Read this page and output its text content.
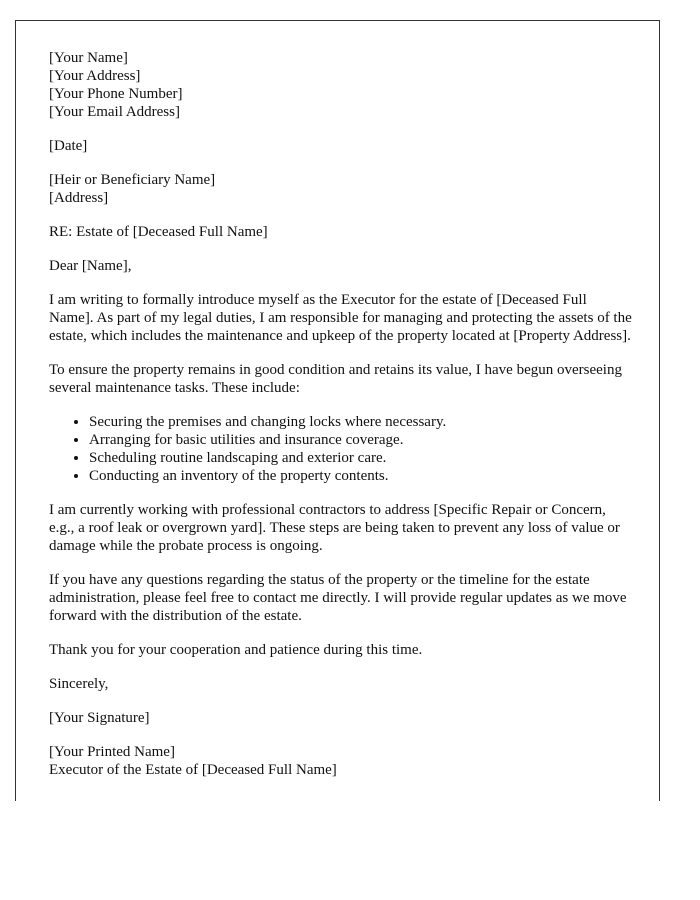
[Your Name]
[Your Address]
[Your Phone Number]
[Your Email Address]

[Date]

[Heir or Beneficiary Name]
[Address]

RE: Estate of [Deceased Full Name]

Dear [Name],

I am writing to formally introduce myself as the Executor for the estate of [Deceased Full Name]. As part of my legal duties, I am responsible for managing and protecting the assets of the estate, which includes the maintenance and upkeep of the property located at [Property Address].

To ensure the property remains in good condition and retains its value, I have begun overseeing several maintenance tasks. These include:

• Securing the premises and changing locks where necessary.
• Arranging for basic utilities and insurance coverage.
• Scheduling routine landscaping and exterior care.
• Conducting an inventory of the property contents.

I am currently working with professional contractors to address [Specific Repair or Concern, e.g., a roof leak or overgrown yard]. These steps are being taken to prevent any loss of value or damage while the probate process is ongoing.

If you have any questions regarding the status of the property or the timeline for the estate administration, please feel free to contact me directly. I will provide regular updates as we move forward with the distribution of the estate.

Thank you for your cooperation and patience during this time.

Sincerely,

[Your Signature]

[Your Printed Name]
Executor of the Estate of [Deceased Full Name]
